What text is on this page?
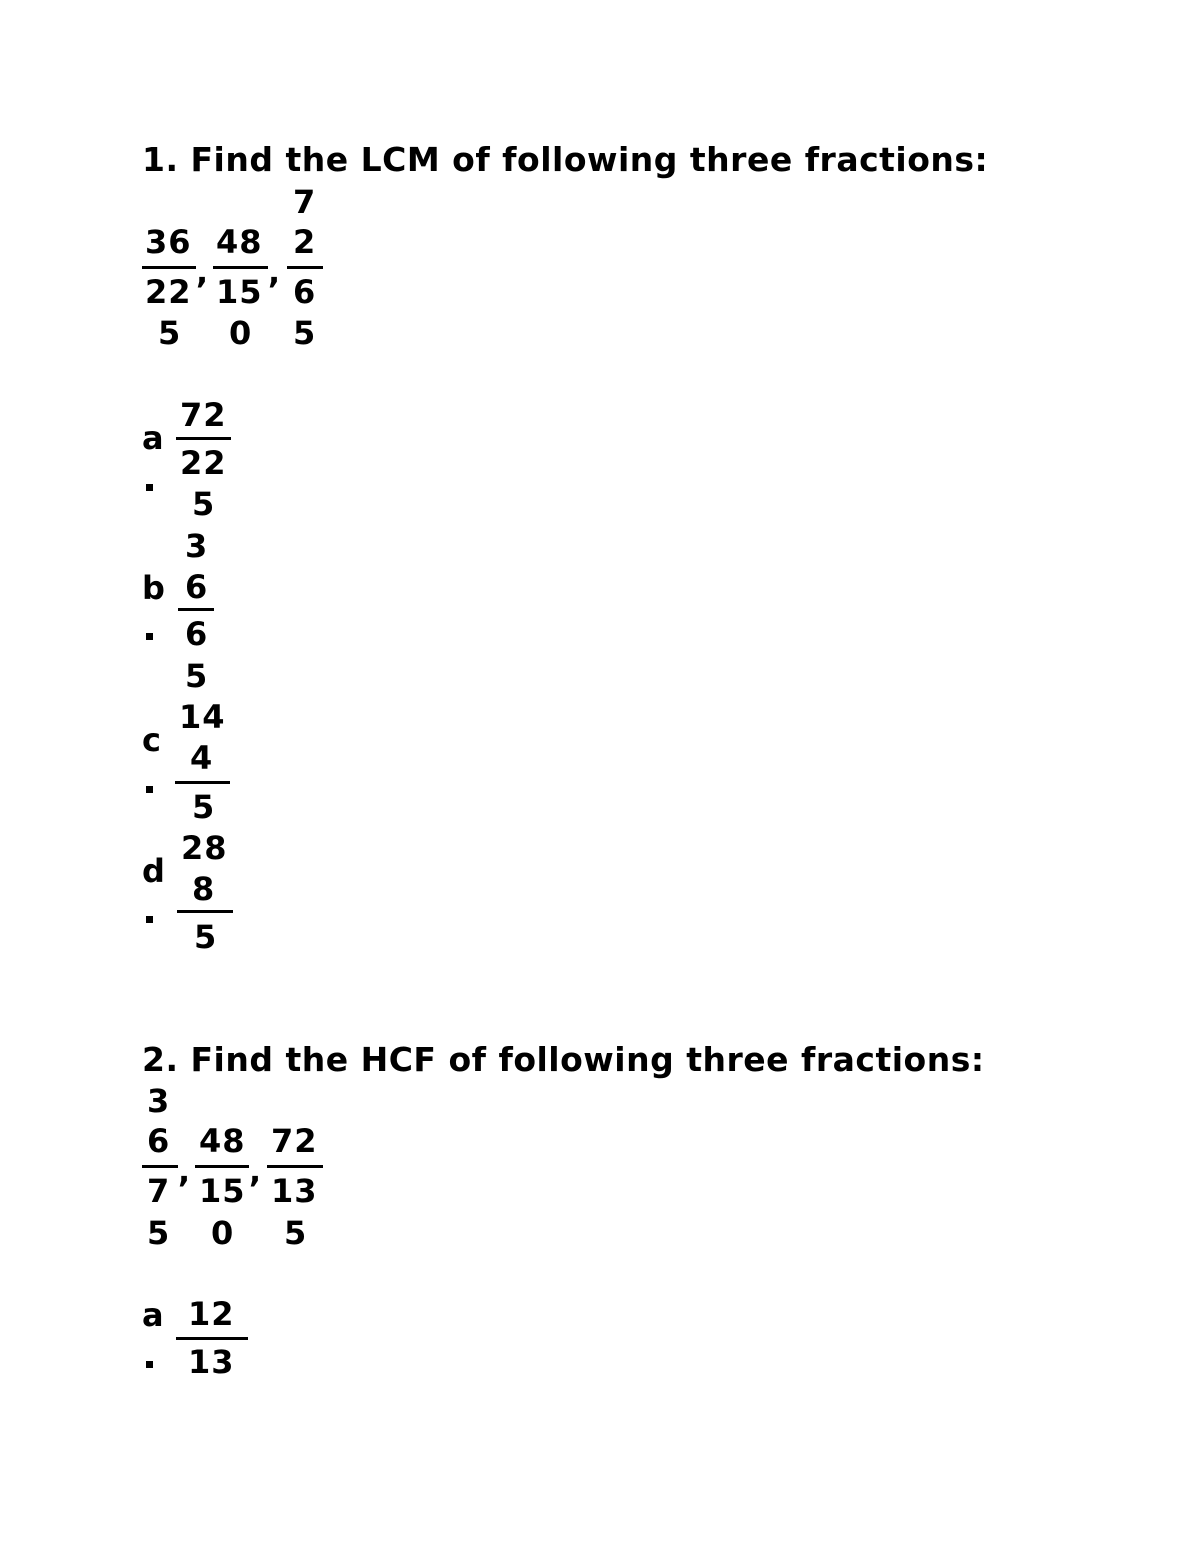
1. Find the LCM of following three fractions:
36
22
5
,
48
15
0
,
7
2
6
5
a
72
22
5
b
3
6
6
5
c
14
4
5
d
28
8
5
2. Find the HCF of following three fractions:
3
6
7
5
,
48
15
0
,
72
13
5
a 12
13
